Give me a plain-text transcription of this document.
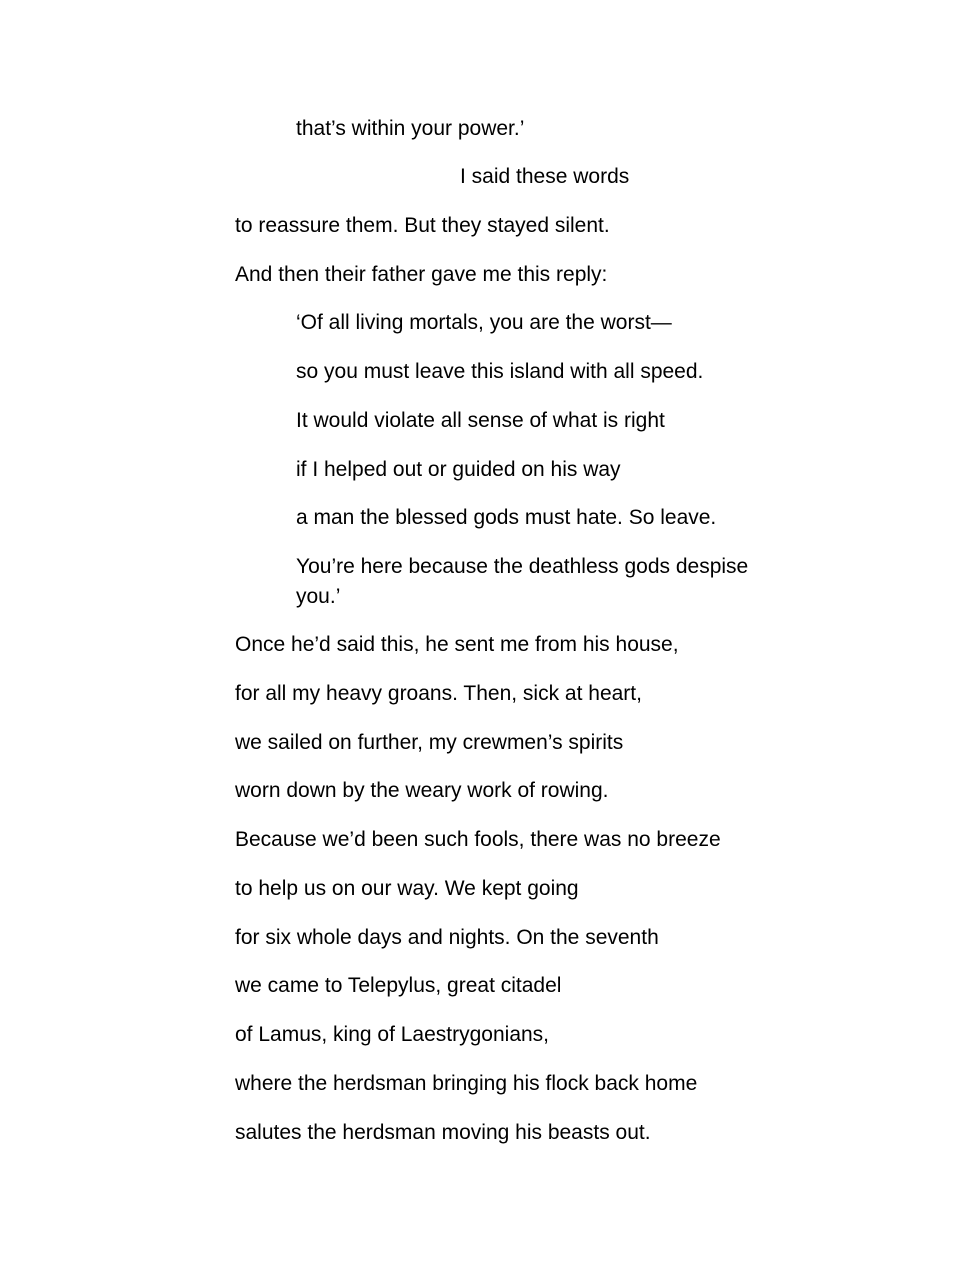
that’s within your power.’
I said these words
to reassure them. But they stayed silent.
And then their father gave me this reply:
‘Of all living mortals, you are the worst—
so you must leave this island with all speed.
It would violate all sense of what is right
if I helped out or guided on his way
a man the blessed gods must hate. So leave.
You’re here because the deathless gods despise you.’
Once he’d said this, he sent me from his house,
for all my heavy groans. Then, sick at heart,
we sailed on further, my crewmen’s spirits
worn down by the weary work of rowing.
Because we’d been such fools, there was no breeze
to help us on our way. We kept going
for six whole days and nights. On the seventh
we came to Telepylus, great citadel
of Lamus, king of Laestrygonians,
where the herdsman bringing his flock back home
salutes the herdsman moving his beasts out.
